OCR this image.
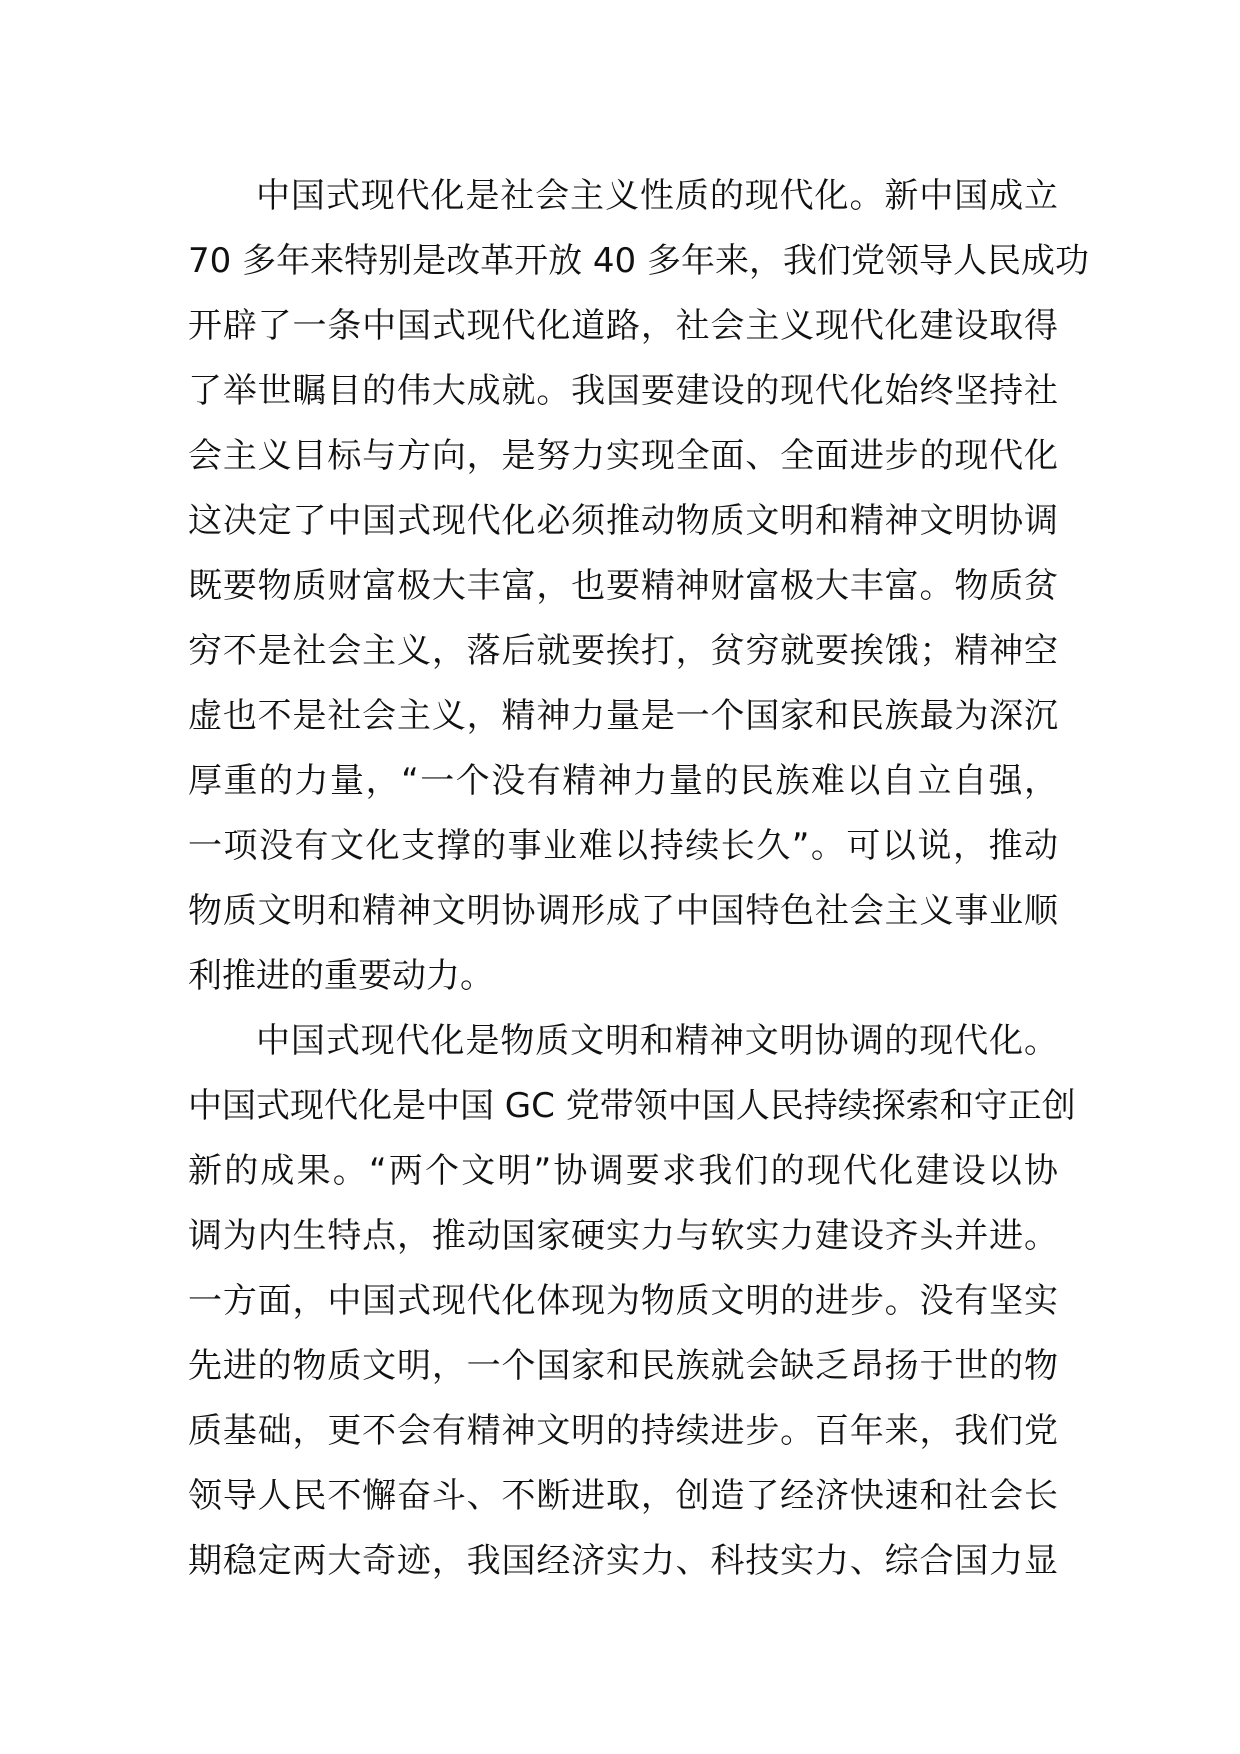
中国式现代化是社会主义性质的现代化。新中国成立
70 多年来特别是改革开放 40 多年来，我们党领导人民成功
开辟了一条中国式现代化道路，社会主义现代化建设取得
了举世瞩目的伟大成就。我国要建设的现代化始终坚持社
会主义目标与方向，是努力实现全面、全面进步的现代化
这决定了中国式现代化必须推动物质文明和精神文明协调
既要物质财富极大丰富，也要精神财富极大丰富。物质贫
穷不是社会主义，落后就要挨打，贫穷就要挨饿；精神空
虚也不是社会主义，精神力量是一个国家和民族最为深沉
厚重的力量，“一个没有精神力量的民族难以自立自强，
一项没有文化支撑的事业难以持续长久”。可以说，推动
物质文明和精神文明协调形成了中国特色社会主义事业顺
利推进的重要动力。
中国式现代化是物质文明和精神文明协调的现代化。
中国式现代化是中国 GC 党带领中国人民持续探索和守正创
新的成果。“两个文明”协调要求我们的现代化建设以协
调为内生特点，推动国家硬实力与软实力建设齐头并进。
一方面，中国式现代化体现为物质文明的进步。没有坚实
先进的物质文明，一个国家和民族就会缺乏昂扬于世的物
质基础，更不会有精神文明的持续进步。百年来，我们党
领导人民不懈奋斗、不断进取，创造了经济快速和社会长
期稳定两大奇迹，我国经济实力、科技实力、综合国力显
